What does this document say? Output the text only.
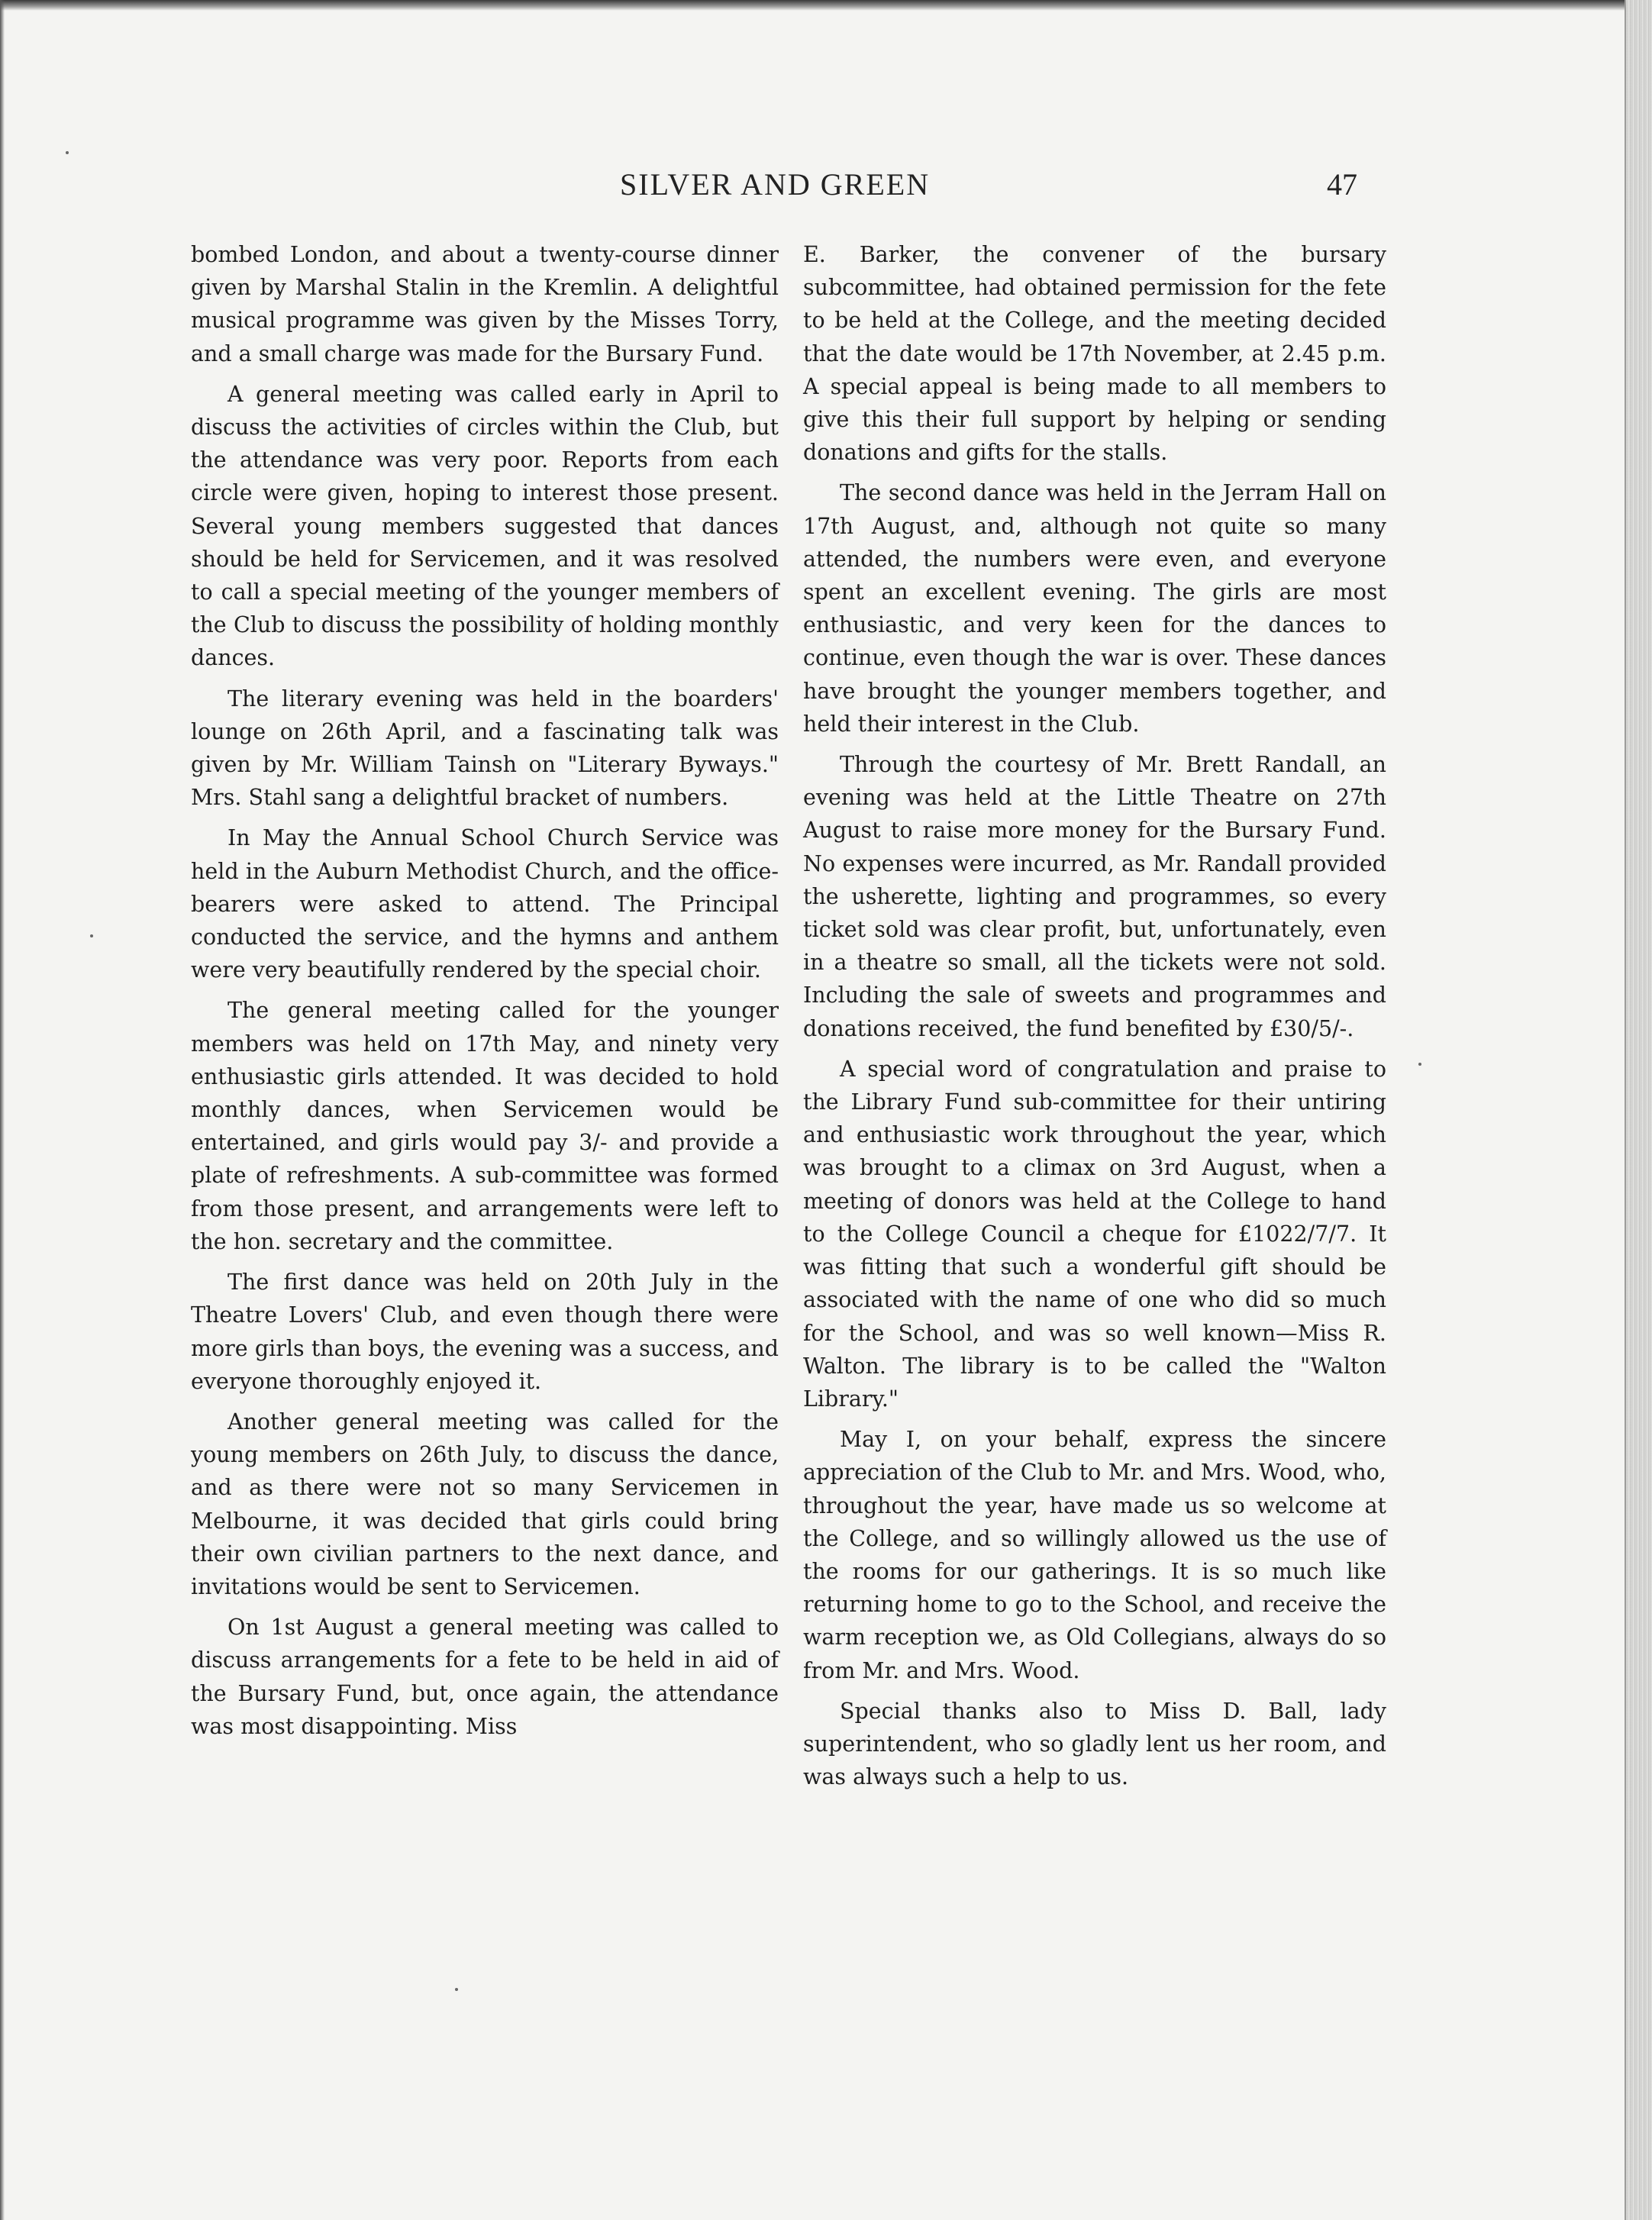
SILVER AND GREEN	47

bombed London, and about a twenty-course dinner given by Marshal Stalin in the Kremlin. A delightful musical programme was given by the Misses Torry, and a small charge was made for the Bursary Fund.

A general meeting was called early in April to discuss the activities of circles within the Club, but the attendance was very poor. Reports from each circle were given, hoping to interest those present. Several young members suggested that dances should be held for Servicemen, and it was resolved to call a special meeting of the younger members of the Club to discuss the possibility of holding monthly dances.

The literary evening was held in the boarders' lounge on 26th April, and a fascinating talk was given by Mr. William Tainsh on "Literary Byways." Mrs. Stahl sang a delightful bracket of numbers.

In May the Annual School Church Service was held in the Auburn Methodist Church, and the office-bearers were asked to attend. The Principal conducted the service, and the hymns and anthem were very beautifully rendered by the special choir.

The general meeting called for the younger members was held on 17th May, and ninety very enthusiastic girls attended. It was decided to hold monthly dances, when Servicemen would be entertained, and girls would pay 3/- and provide a plate of refreshments. A sub-committee was formed from those present, and arrangements were left to the hon. secretary and the committee.

The first dance was held on 20th July in the Theatre Lovers' Club, and even though there were more girls than boys, the evening was a success, and everyone thoroughly enjoyed it.

Another general meeting was called for the young members on 26th July, to discuss the dance, and as there were not so many Servicemen in Melbourne, it was decided that girls could bring their own civilian partners to the next dance, and invitations would be sent to Servicemen.

On 1st August a general meeting was called to discuss arrangements for a fete to be held in aid of the Bursary Fund, but, once again, the attendance was most disappointing. Miss

E. Barker, the convener of the bursary subcommittee, had obtained permission for the fete to be held at the College, and the meeting decided that the date would be 17th November, at 2.45 p.m. A special appeal is being made to all members to give this their full support by helping or sending donations and gifts for the stalls.

The second dance was held in the Jerram Hall on 17th August, and, although not quite so many attended, the numbers were even, and everyone spent an excellent evening. The girls are most enthusiastic, and very keen for the dances to continue, even though the war is over. These dances have brought the younger members together, and held their interest in the Club.

Through the courtesy of Mr. Brett Randall, an evening was held at the Little Theatre on 27th August to raise more money for the Bursary Fund. No expenses were incurred, as Mr. Randall provided the usherette, lighting and programmes, so every ticket sold was clear profit, but, unfortunately, even in a theatre so small, all the tickets were not sold. Including the sale of sweets and programmes and donations received, the fund benefited by £30/5/-.

A special word of congratulation and praise to the Library Fund sub-committee for their untiring and enthusiastic work throughout the year, which was brought to a climax on 3rd August, when a meeting of donors was held at the College to hand to the College Council a cheque for £1022/7/7. It was fitting that such a wonderful gift should be associated with the name of one who did so much for the School, and was so well known—Miss R. Walton. The library is to be called the "Walton Library."

May I, on your behalf, express the sincere appreciation of the Club to Mr. and Mrs. Wood, who, throughout the year, have made us so welcome at the College, and so willingly allowed us the use of the rooms for our gatherings. It is so much like returning home to go to the School, and receive the warm reception we, as Old Collegians, always do so from Mr. and Mrs. Wood.

Special thanks also to Miss D. Ball, lady superintendent, who so gladly lent us her room, and was always such a help to us.
